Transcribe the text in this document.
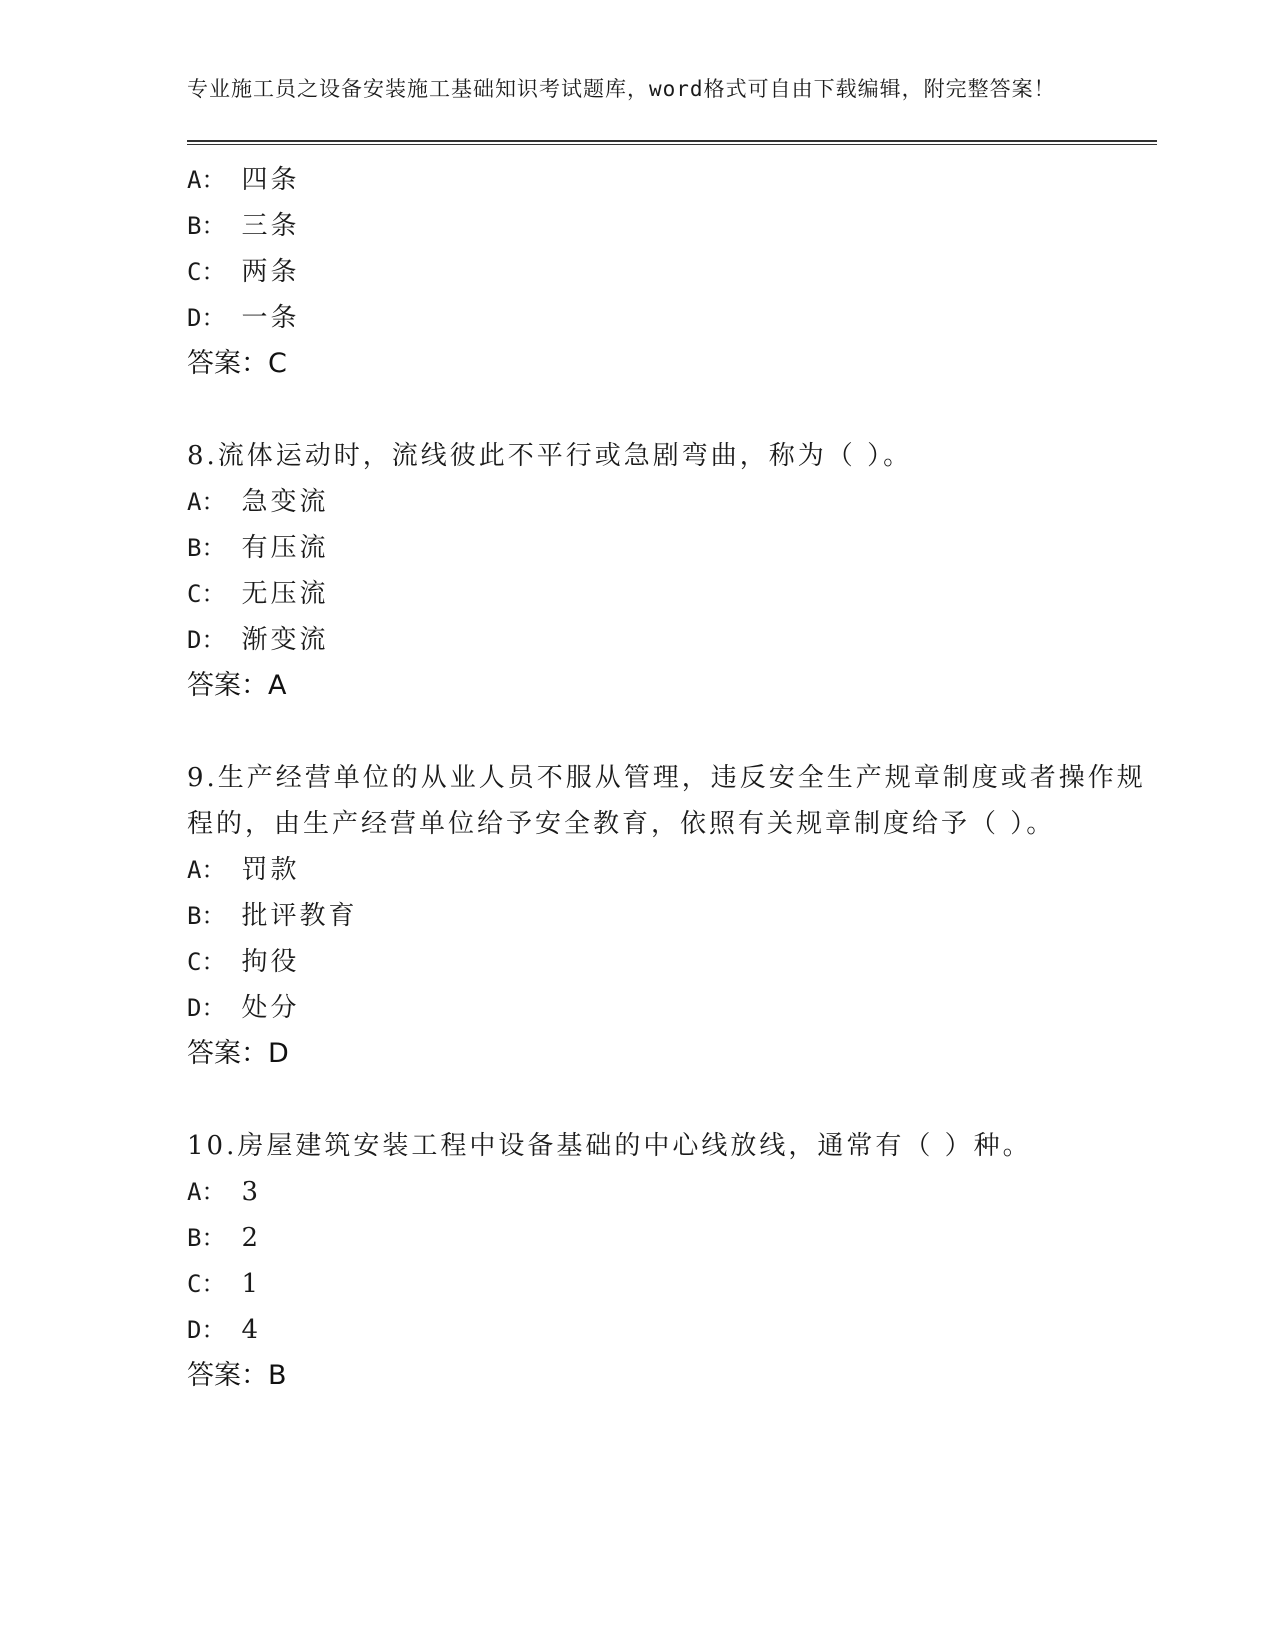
专业施工员之设备安装施工基础知识考试题库，word格式可自由下载编辑，附完整答案！

A： 四条

B： 三条

C： 两条

D： 一条

答案：C

8.流体运动时，流线彼此不平行或急剧弯曲，称为（ ）。

A： 急变流

B： 有压流

C： 无压流

D： 渐变流

答案：A

9.生产经营单位的从业人员不服从管理，违反安全生产规章制度或者操作规程的，由生产经营单位给予安全教育，依照有关规章制度给予（ ）。

A： 罚款

B： 批评教育

C： 拘役

D： 处分

答案：D

10.房屋建筑安装工程中设备基础的中心线放线，通常有（ ）种。

A： 3

B： 2

C： 1

D： 4

答案：B
